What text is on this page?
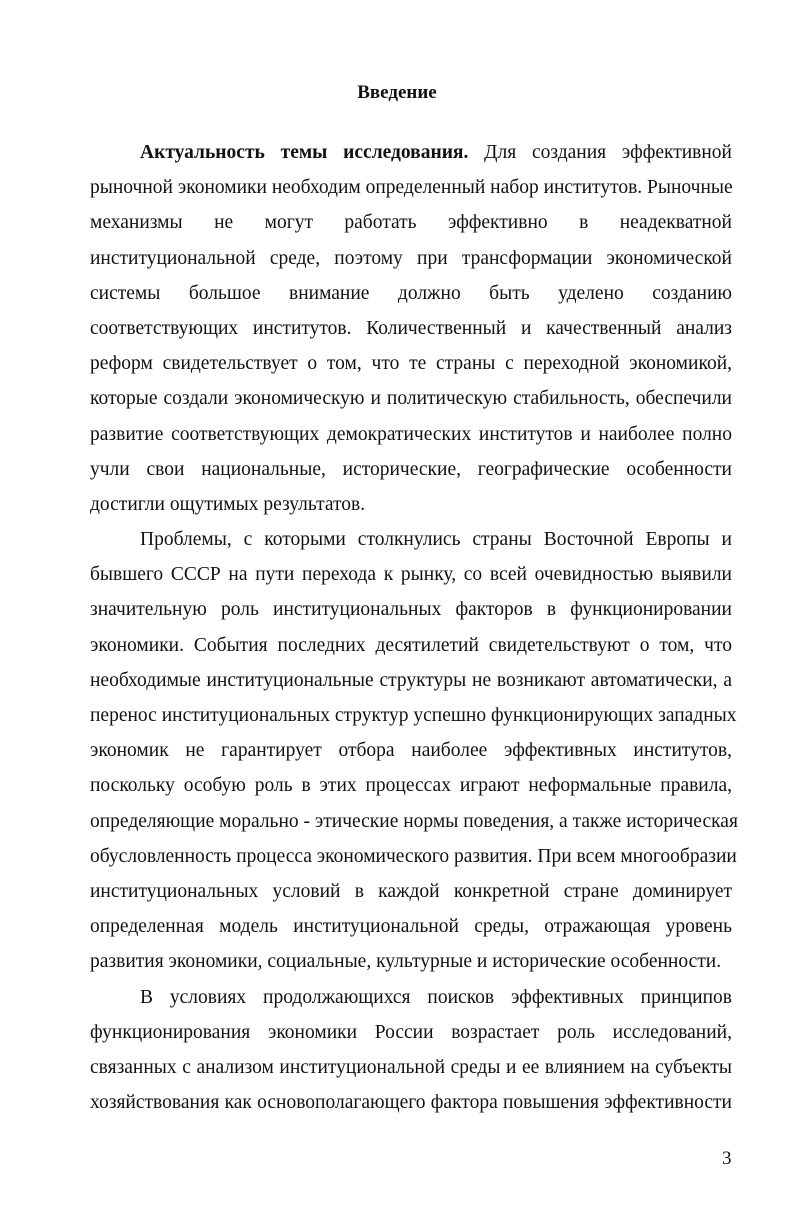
Введение
Актуальность темы исследования. Для создания эффективной
рыночной экономики необходим определенный набор институтов. Рыночные
механизмы не могут работать эффективно в неадекватной
институциональной среде, поэтому при трансформации экономической
системы большое внимание должно быть уделено созданию
соответствующих институтов. Количественный и качественный анализ
реформ свидетельствует о том, что те страны с переходной экономикой,
которые создали экономическую и политическую стабильность, обеспечили
развитие соответствующих демократических институтов и наиболее полно
учли свои национальные, исторические, географические особенности
достигли ощутимых результатов.
Проблемы, с которыми столкнулись страны Восточной Европы и
бывшего СССР на пути перехода к рынку, со всей очевидностью выявили
значительную роль институциональных факторов в функционировании
экономики. События последних десятилетий свидетельствуют о том, что
необходимые институциональные структуры не возникают автоматически, а
перенос институциональных структур успешно функционирующих западных
экономик не гарантирует отбора наиболее эффективных институтов,
поскольку особую роль в этих процессах играют неформальные правила,
определяющие морально - этические нормы поведения, а также историческая
обусловленность процесса экономического развития. При всем многообразии
институциональных условий в каждой конкретной стране доминирует
определенная модель институциональной среды, отражающая уровень
развития экономики, социальные, культурные и исторические особенности.
В условиях продолжающихся поисков эффективных принципов
функционирования экономики России возрастает роль исследований,
связанных с анализом институциональной среды и ее влиянием на субъекты
хозяйствования как основополагающего фактора повышения эффективности
3
